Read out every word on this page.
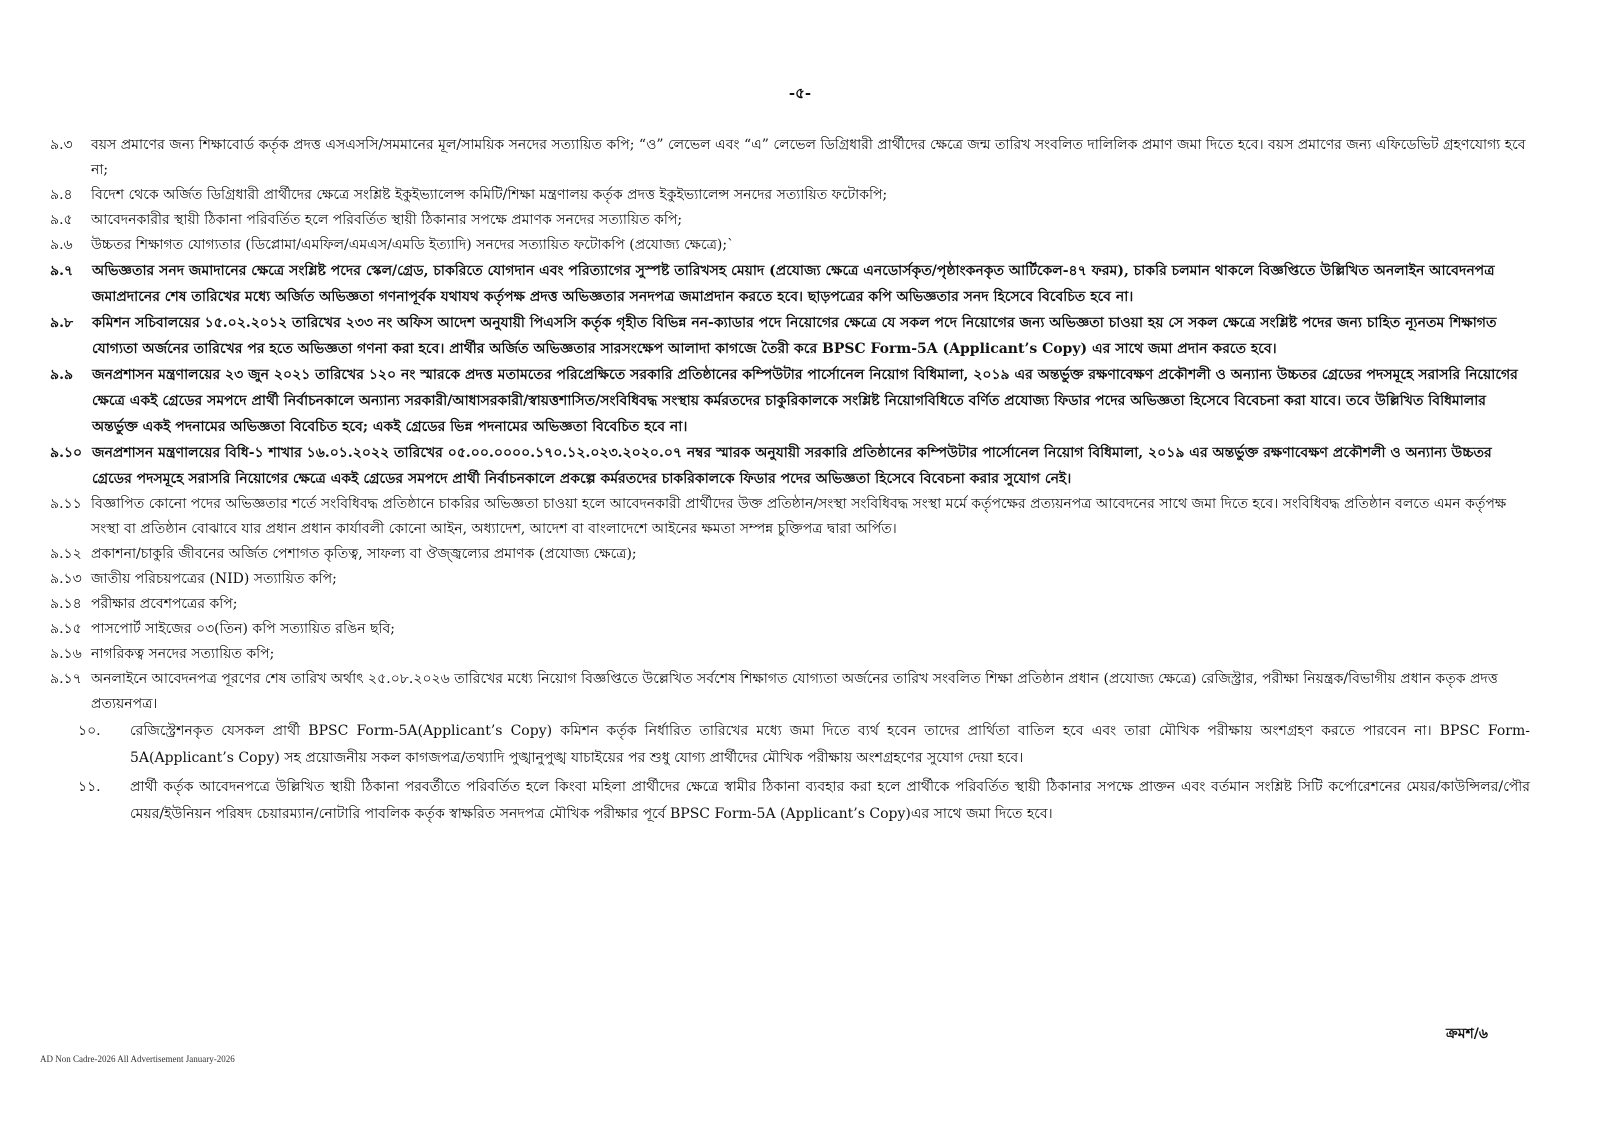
-৫-
৯.৩	বয়স প্রমাণের জন্য শিক্ষাবোর্ড কর্তৃক প্রদত্ত এসএসসি/সমমানের মূল/সাময়িক সনদের সত্যায়িত কপি; “ও” লেভেল এবং “এ” লেভেল ডিগ্রিধারী প্রার্থীদের ক্ষেত্রে জন্ম তারিখ সংবলিত দালিলিক প্রমাণ জমা দিতে হবে। বয়স প্রমাণের জন্য এফিডেভিট গ্রহণযোগ্য হবে না;
৯.৪	বিদেশ থেকে অর্জিত ডিগ্রিধারী প্রার্থীদের ক্ষেত্রে সংশ্লিষ্ট ইকুইভ্যালেন্স কমিটি/শিক্ষা মন্ত্রণালয় কর্তৃক প্রদত্ত ইকুইভ্যালেন্স সনদের সত্যায়িত ফটোকপি;
৯.৫	আবেদনকারীর স্থায়ী ঠিকানা পরিবর্তিত হলে পরিবর্তিত স্থায়ী ঠিকানার সপক্ষে প্রমাণক সনদের সত্যায়িত কপি;
৯.৬	উচ্চতর শিক্ষাগত যোগ্যতার (ডিপ্লোমা/এমফিল/এমএস/এমডি ইত্যাদি) সনদের সত্যায়িত ফটোকপি (প্রযোজ্য ক্ষেত্রে);`
৯.৭	অভিজ্ঞতার সনদ জমাদানের ক্ষেত্রে সংশ্লিষ্ট পদের স্কেল/গ্রেড, চাকরিতে যোগদান এবং পরিত্যাগের সুস্পষ্ট তারিখসহ মেয়াদ (প্রযোজ্য ক্ষেত্রে এনডোর্সকৃত/পৃষ্ঠাংকনকৃত আর্টিকেল-৪৭ ফরম), চাকরি চলমান থাকলে বিজ্ঞপ্তিতে উল্লিখিত অনলাইন আবেদনপত্র জমাপ্রদানের শেষ তারিখের মধ্যে অর্জিত অভিজ্ঞতা গণনাপূর্বক যথাযথ কর্তৃপক্ষ প্রদত্ত অভিজ্ঞতার সনদপত্র জমাপ্রদান করতে হবে। ছাড়পত্রের কপি অভিজ্ঞতার সনদ হিসেবে বিবেচিত হবে না।
৯.৮	কমিশন সচিবালয়ের ১৫.০২.২০১২ তারিখের ২৩৩ নং অফিস আদেশ অনুযায়ী পিএসসি কর্তৃক গৃহীত বিভিন্ন নন-ক্যাডার পদে নিয়োগের ক্ষেত্রে যে সকল পদে নিয়োগের জন্য অভিজ্ঞতা চাওয়া হয় সে সকল ক্ষেত্রে সংশ্লিষ্ট পদের জন্য চাহিত ন্যূনতম শিক্ষাগত যোগ্যতা অর্জনের তারিখের পর হতে অভিজ্ঞতা গণনা করা হবে। প্রার্থীর অর্জিত অভিজ্ঞতার সারসংক্ষেপ আলাদা কাগজে তৈরী করে BPSC Form-5A (Applicant’s Copy) এর সাথে জমা প্রদান করতে হবে।
৯.৯	জনপ্রশাসন মন্ত্রণালয়ের ২৩ জুন ২০২১ তারিখের ১২০ নং স্মারকে প্রদত্ত মতামতের পরিপ্রেক্ষিতে সরকারি প্রতিষ্ঠানের কম্পিউটার পার্সোনেল নিয়োগ বিধিমালা, ২০১৯ এর অন্তর্ভুক্ত রক্ষণাবেক্ষণ প্রকৌশলী ও অন্যান্য উচ্চতর গ্রেডের পদসমূহে সরাসরি নিয়োগের ক্ষেত্রে একই গ্রেডের সমপদে প্রার্থী নির্বাচনকালে অন্যান্য সরকারী/আধাসরকারী/স্বায়ত্তশাসিত/সংবিধিবদ্ধ সংস্থায় কর্মরতদের চাকুরিকালকে সংশ্লিষ্ট নিয়োগবিধিতে বর্ণিত প্রযোজ্য ফিডার পদের অভিজ্ঞতা হিসেবে বিবেচনা করা যাবে। তবে উল্লিখিত বিধিমালার অন্তর্ভুক্ত একই পদনামের অভিজ্ঞতা বিবেচিত হবে; একই গ্রেডের ভিন্ন পদনামের অভিজ্ঞতা বিবেচিত হবে না।
৯.১০ জনপ্রশাসন মন্ত্রণালয়ের বিধি-১ শাখার ১৬.০১.২০২২ তারিখের ০৫.০০.০০০০.১৭০.১২.০২৩.২০২০.০৭ নম্বর স্মারক অনুযায়ী সরকারি প্রতিষ্ঠানের কম্পিউটার পার্সোনেল নিয়োগ বিধিমালা, ২০১৯ এর অন্তর্ভুক্ত রক্ষণাবেক্ষণ প্রকৌশলী ও অন্যান্য উচ্চতর গ্রেডের পদসমূহে সরাসরি নিয়োগের ক্ষেত্রে একই গ্রেডের সমপদে প্রার্থী নির্বাচনকালে প্রকল্পে কর্মরতদের চাকরিকালকে ফিডার পদের অভিজ্ঞতা হিসেবে বিবেচনা করার সুযোগ নেই।
৯.১১ বিজ্ঞাপিত কোনো পদের অভিজ্ঞতার শর্তে সংবিধিবদ্ধ প্রতিষ্ঠানে চাকরির অভিজ্ঞতা চাওয়া হলে আবেদনকারী প্রার্থীদের উক্ত প্রতিষ্ঠান/সংস্থা সংবিধিবদ্ধ সংস্থা মর্মে কর্তৃপক্ষের প্রত্যয়নপত্র আবেদনের সাথে জমা দিতে হবে। সংবিধিবদ্ধ প্রতিষ্ঠান বলতে এমন কর্তৃপক্ষ সংস্থা বা প্রতিষ্ঠান বোঝাবে যার প্রধান প্রধান কার্যাবলী কোনো আইন, অধ্যাদেশ, আদেশ বা বাংলাদেশে আইনের ক্ষমতা সম্পন্ন চুক্তিপত্র দ্বারা অর্পিত।
৯.১২ প্রকাশনা/চাকুরি জীবনের অর্জিত পেশাগত কৃতিত্ব, সাফল্য বা ঔজ্জ্বল্যের প্রমাণক (প্রযোজ্য ক্ষেত্রে);
৯.১৩ জাতীয় পরিচয়পত্রের (NID) সত্যায়িত কপি;
৯.১৪ পরীক্ষার প্রবেশপত্রের কপি;
৯.১৫ পাসপোর্ট সাইজের ০৩(তিন) কপি সত্যায়িত রঙিন ছবি;
৯.১৬ নাগরিকত্ব সনদের সত্যায়িত কপি;
৯.১৭ অনলাইনে আবেদনপত্র পূরণের শেষ তারিখ অর্থাৎ ২৫.০৮.২০২৬ তারিখের মধ্যে নিয়োগ বিজ্ঞপ্তিতে উল্লেখিত সর্বশেষ শিক্ষাগত যোগ্যতা অর্জনের তারিখ সংবলিত শিক্ষা প্রতিষ্ঠান প্রধান (প্রযোজ্য ক্ষেত্রে) রেজিস্ট্রার, পরীক্ষা নিয়ন্ত্রক/বিভাগীয় প্রধান কতৃক প্রদত্ত প্রত্যয়নপত্র।
১০.	রেজিস্ট্রেশনকৃত যেসকল প্রার্থী BPSC Form-5A(Applicant’s Copy) কমিশন কর্তৃক নির্ধারিত তারিখের মধ্যে জমা দিতে ব্যর্থ হবেন তাদের প্রার্থিতা বাতিল হবে এবং তারা মৌখিক পরীক্ষায় অংশগ্রহণ করতে পারবেন না। BPSC Form-5A(Applicant’s Copy) সহ প্রয়োজনীয় সকল কাগজপত্র/তথ্যাদি পুঙ্খানুপুঙ্খ যাচাইয়ের পর শুধু যোগ্য প্রার্থীদের মৌখিক পরীক্ষায় অংশগ্রহণের সুযোগ দেয়া হবে।
১১.	প্রার্থী কর্তৃক আবেদনপত্রে উল্লিখিত স্থায়ী ঠিকানা পরবর্তীতে পরিবর্তিত হলে কিংবা মহিলা প্রার্থীদের ক্ষেত্রে স্বামীর ঠিকানা ব্যবহার করা হলে প্রার্থীকে পরিবর্তিত স্থায়ী ঠিকানার সপক্ষে প্রাক্তন এবং বর্তমান সংশ্লিষ্ট সিটি কর্পোরেশনের মেয়র/কাউন্সিলর/পৌর মেয়র/ইউনিয়ন পরিষদ চেয়ারম্যান/নোটারি পাবলিক কর্তৃক স্বাক্ষরিত সনদপত্র মৌখিক পরীক্ষার পূর্বে BPSC Form-5A (Applicant’s Copy)এর সাথে জমা দিতে হবে।
ক্রমশ/৬
AD Non Cadre-2026 All Advertisement January-2026
